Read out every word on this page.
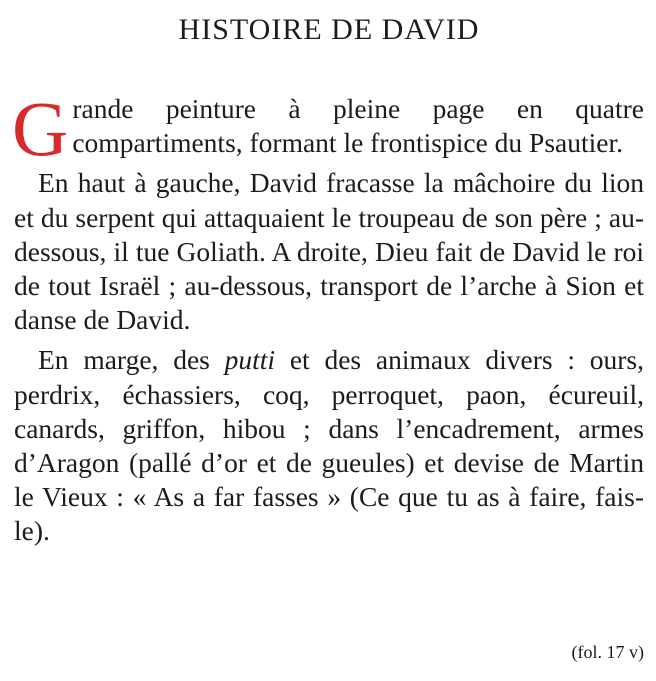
HISTOIRE DE DAVID

Grande peinture à pleine page en quatre compartiments, formant le frontispice du Psautier.

En haut à gauche, David fracasse la mâchoire du lion et du serpent qui attaquaient le troupeau de son père ; au-dessous, il tue Goliath. A droite, Dieu fait de David le roi de tout Israël ; au-dessous, transport de l’arche à Sion et danse de David.

En marge, des putti et des animaux divers : ours, perdrix, échassiers, coq, perroquet, paon, écureuil, canards, griffon, hibou ; dans l’encadrement, armes d’Aragon (pallé d’or et de gueules) et devise de Martin le Vieux : « As a far fasses » (Ce que tu as à faire, fais-le).

(fol. 17 v)
